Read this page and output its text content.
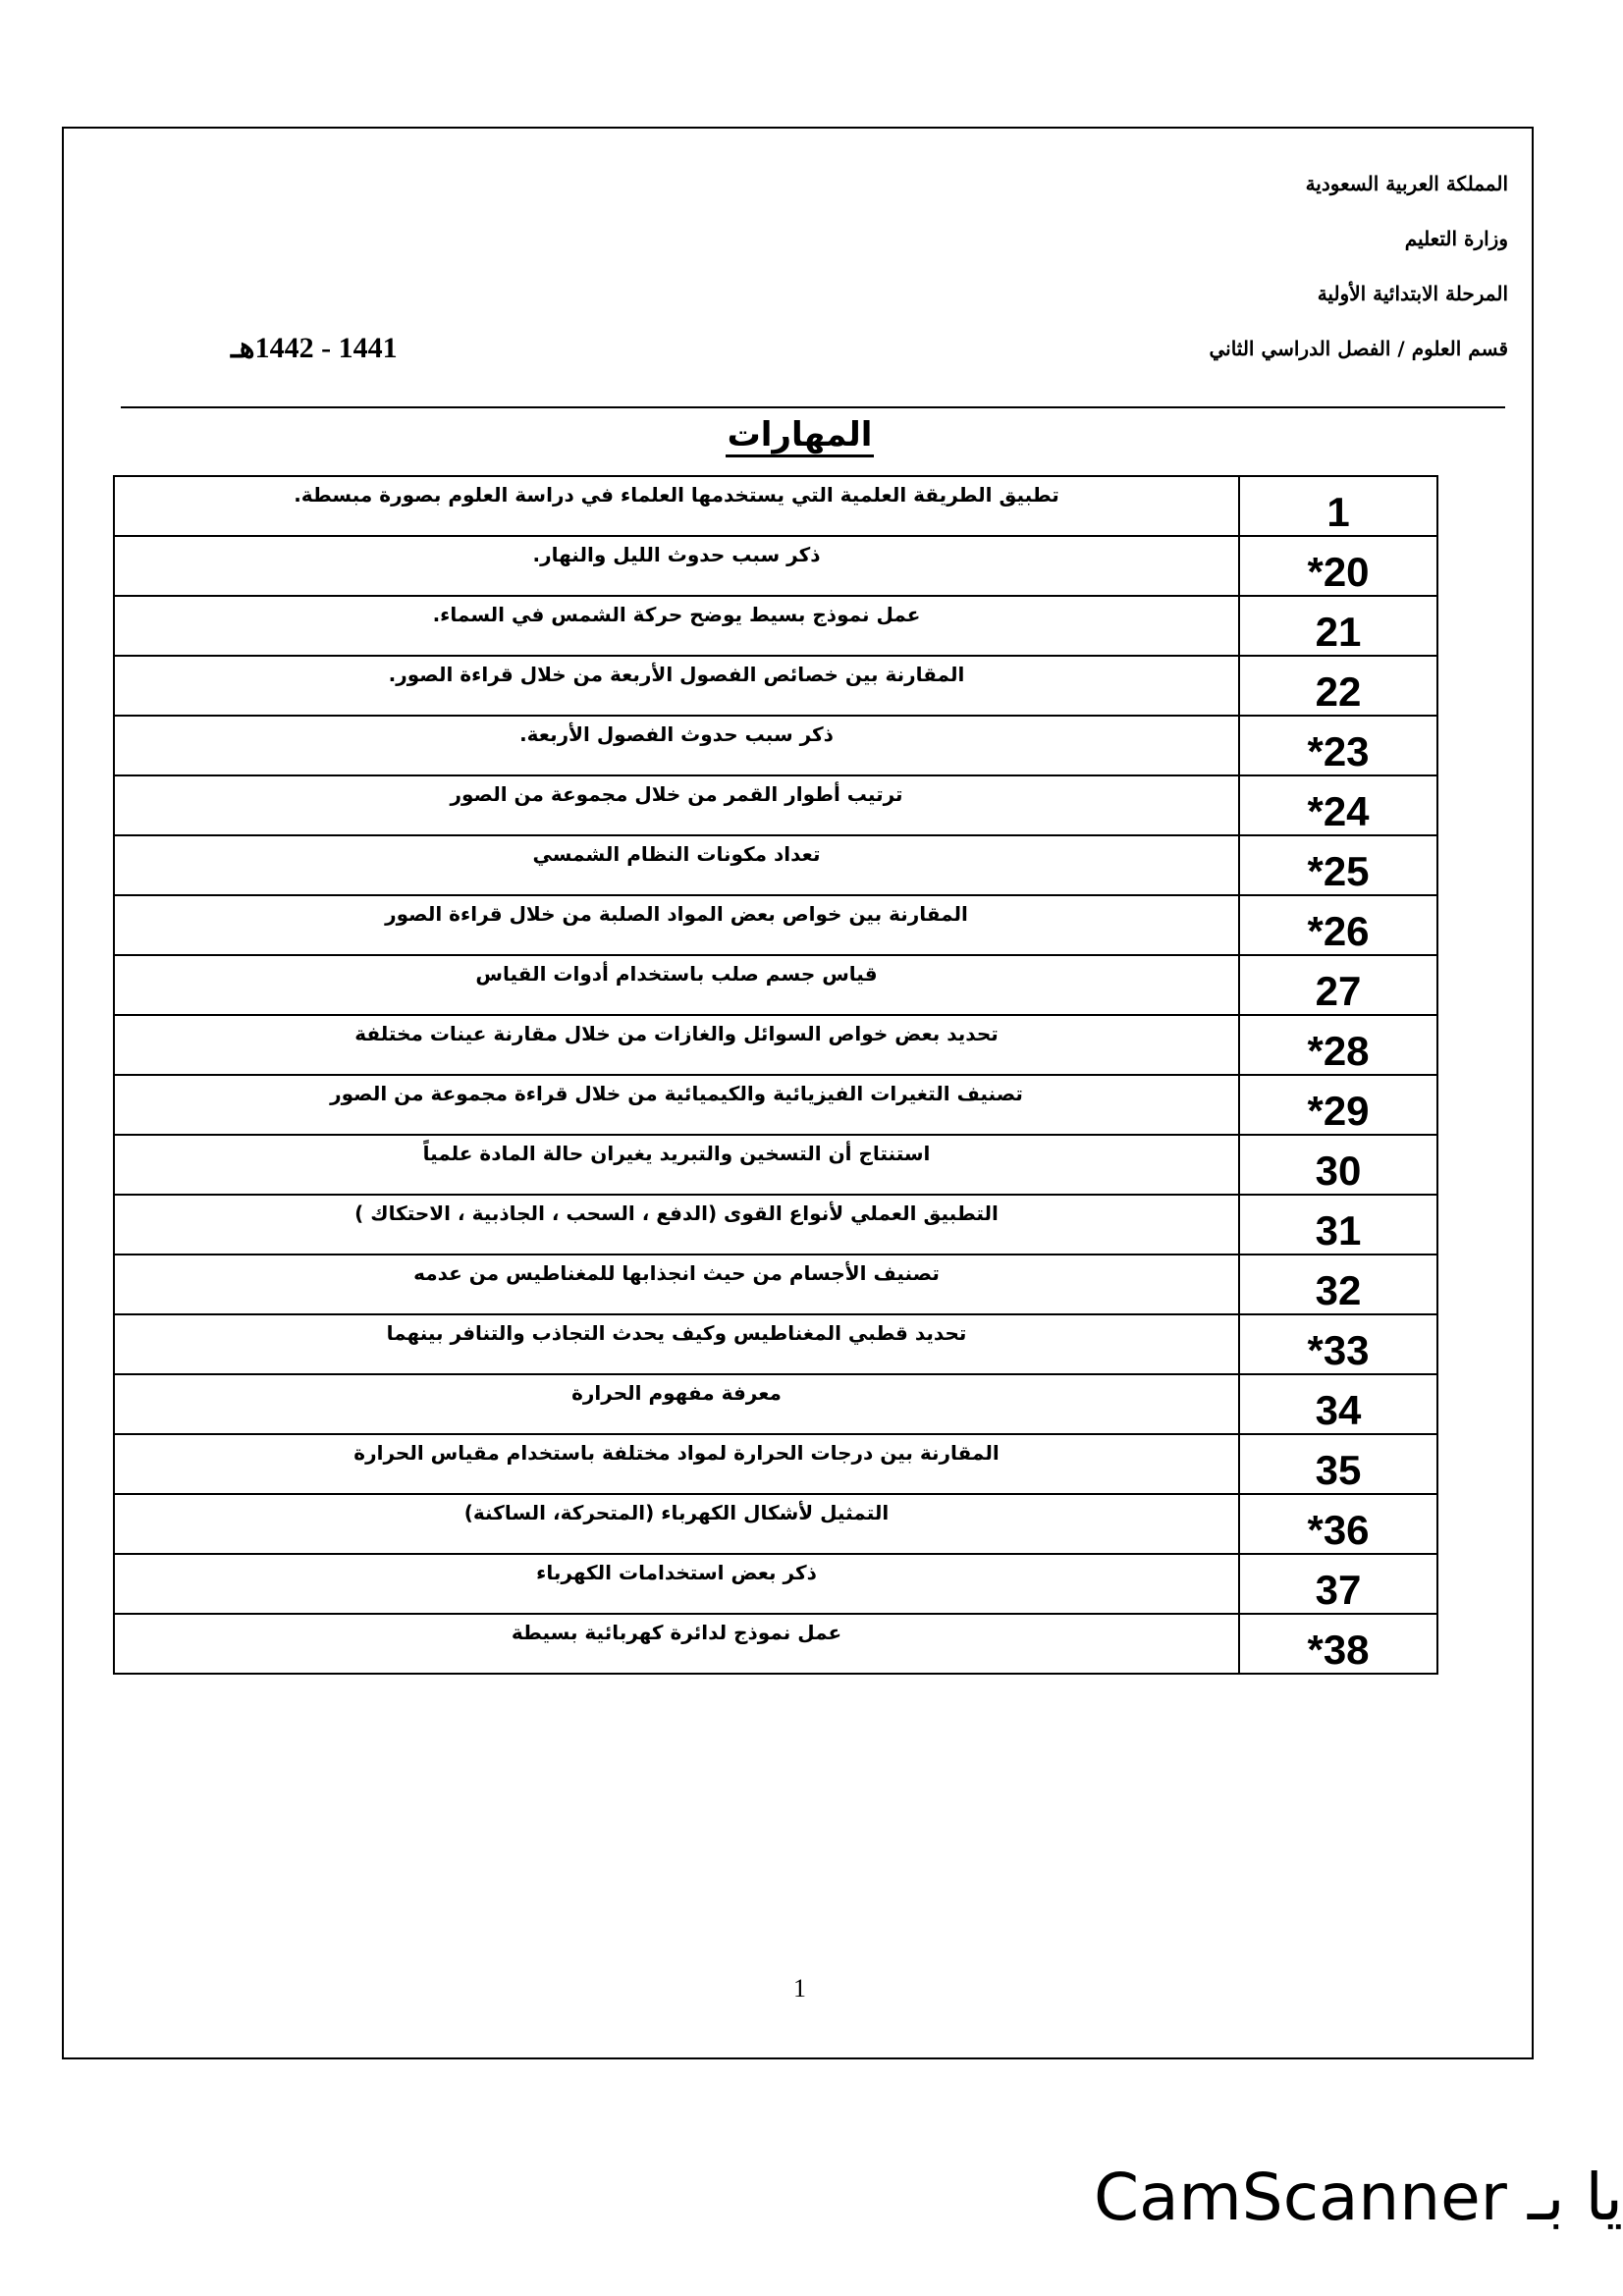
المملكة العربية السعودية
وزارة التعليم
المرحلة الابتدائية الأولية
قسم العلوم / الفصل الدراسي الثاني
1441 - 1442هـ
المهارات
1	تطبيق الطريقة العلمية التي يستخدمها العلماء في دراسة العلوم بصورة مبسطة.
*20	ذكر سبب حدوث الليل والنهار.
21	عمل نموذج بسيط يوضح حركة الشمس في السماء.
22	المقارنة بين خصائص الفصول الأربعة من خلال قراءة الصور.
*23	ذكر سبب حدوث الفصول الأربعة.
*24	ترتيب أطوار القمر من خلال مجموعة من الصور
*25	تعداد مكونات النظام الشمسي
*26	المقارنة بين خواص بعض المواد الصلبة من خلال قراءة الصور
27	قياس جسم صلب باستخدام أدوات القياس
*28	تحديد بعض خواص السوائل والغازات من خلال مقارنة عينات مختلفة
*29	تصنيف التغيرات الفيزيائية والكيميائية من خلال قراءة مجموعة من الصور
30	استنتاج أن التسخين والتبريد يغيران حالة المادة علمياً
31	التطبيق العملي لأنواع القوى (الدفع ، السحب ، الجاذبية ، الاحتكاك )
32	تصنيف الأجسام من حيث انجذابها للمغناطيس من عدمه
*33	تحديد قطبي المغناطيس وكيف يحدث التجاذب والتنافر بينهما
34	معرفة مفهوم الحرارة
35	المقارنة بين درجات الحرارة لمواد مختلفة باستخدام مقياس الحرارة
*36	التمثيل لأشكال الكهرباء (المتحركة، الساكنة)
37	ذكر بعض استخدامات الكهرباء
*38	عمل نموذج لدائرة كهربائية بسيطة
1
يا بـ CamScanner
